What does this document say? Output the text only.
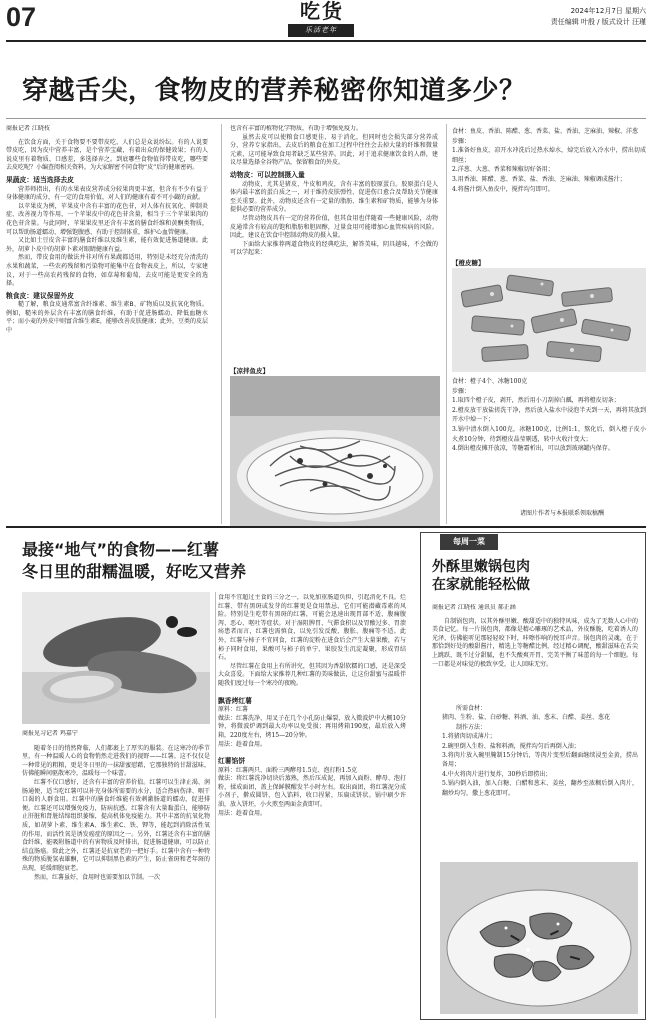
07	吃货
乐活老年
2024年12月7日 星期六
责任编辑 叶殷 / 版式设计 汪瑾
穿越舌尖，食物皮的营养秘密你知道多少？

商报记者 江晓枝

在饮食方面，关于食物要不要带皮吃，人们总是众说纷纭。有的人说要带皮吃，因为皮中营养丰富，是个营养宝藏，有着出众的保健效果；有的人说皮里有着物质、口感差，多选择弃之。到底哪些食物值得带皮吃，哪些要去皮吃呢？小编查阅相关资料，为大家解密不同食物“皮”后的健康密码。

果蔬皮：适当选择去皮

营养师指出，有的水果表皮营养成分较果肉更丰富，但含有不少有益于身体健康的成分，有一定的食用价值，对人们的健康有着不可小觑的贡献。

以苹果皮为例，苹果皮中含有丰富的花色苷，对人体有抗氧化、抑制炎症、改善视力等作用，一个苹果皮中的花色苷含量，相当于三个苹果果肉的花色苷含量。与此同时，苹果果皮里还含有丰富的膳食纤维和黄酮类物质，可以帮助肠道蠕动、增强饱腹感、有助于控制体重，维护心血管健康。

又比如土豆皮含丰富的膳食纤维以及维生素，能有效促进肠道健康。此外，胡萝卜皮中的胡萝卜素对眼睛健康有益。

然而，带皮食用的做法并非对所有果蔬都适用，特别是未经充分清洗的水果和蔬菜，一些农药残留和污染物可能集中在食物表皮上，所以，专家建议，对于一些高农药残留的食物，如草莓和葡萄，去皮可能是更安全的选择。

粮食皮：建议保留外皮

糙了解，粮食皮通常富含纤维素、维生素B、矿物质以及抗氧化物质。例如，糙米的外层含有丰富的膳食纤维，有助于促进肠蠕动、降低血糖水平；而小麦的外皮中则富含维生素E，能够改善皮肤健康；此外，豆类的皮层中

也含有丰富的植物化学物质，有助于增强免疫力。

虽然去皮可以使粮食口感更佳、易于消化，但同时也会损失部分营养成分，营养专家指出，去皮后的粮食在加工过程中往往会去掉大量的纤维和微量元素，这可能导致食用者缺乏某些营养。因此，对于追求健康饮食的人群，建议尽量选择全谷物产品，保留粮食的外皮。

动物皮：可以控制摄入量

动物皮，尤其是猪皮、牛皮和鸡皮，含有丰富的胶原蛋白。胶原蛋白是人体内最丰富的蛋白质之一，对于维持皮肤弹性、促进伤口愈合及帮助关节健康至关重要。此外，动物皮还含有一定量的脂肪、维生素和矿物质，能够为身体提供必要的营养成分。

尽管动物皮具有一定的营养价值，但其食用也伴随着一些健康风险，动物皮通常含有较高的饱和脂肪和胆固醇，过量食用可能增加心血管疾病的风险。因此，建议在饮食中控制动物皮的摄入量。

下面给大家推荐两道食物皮的经典吃法，解答美味，阴具越味，不会做的可以学起来：

【凉拌鱼皮】

食材：鱼皮、香油、陈醋、葱、香菜、盐、香油、芝麻油、辣椒、洋葱

步骤：

1.准备好鱼皮，凉开水冲洗后过热水焯水，焯完后放入冷水中，捞出切成细丝；

2.洋葱、大葱、香菜和辣椒切好备用；

3.用香油、陈醋、葱、香菜、盐、香油、芝麻油、辣椒调成酱汁；

4.将酱汁倒入鱼皮中，搅拌均匀即可。

【橙皮糖】

食材：橙子4个、冰糖100克

步骤：

1.取四个橙子皮，剥开，然后用小刀刮掉白瓤，再将橙皮切条；

2.橙皮放干放盐搓洗干净，然后放入盐水中浸泡半天到一天，再将其放到开水中焯一下；

3.锅中清水倒入100克，冰糖100克，比例1:1，熬化后，倒入橙子皮小火煮10分钟，待到橙皮晶莹剔透，转中火收汁变大；

4.倒出橙皮摊开放凉，等糖霜析出，可以放到玻璃罐内保存。

诸图片作者与本报联系领取稿酬
最接“地气”的食物——红薯
冬日里的甜糯温暖，好吃又营养

商报见习记者 鸡嘉宁

随着冬日的悄然降临，人们都裹上了厚实的服装。在这寒冷的季节里，有一种温暖人心的食物悄然走进我们的视野——红薯。这不仅仅是一种常见的粗粮，更是冬日里的一抹甜蜜慰藉，它那独特的甘甜滋味，仿佛能瞬间驱散寒冷，温暖每一个味蕾。

红薯不仅口感好，还含有丰富的营养价值。红薯可以生津止渴、润肠通便，适当吃红薯可以补充身体所需要的水分，适合热病伤津、咽干口渴的人群食用。红薯中的膳食纤维能有效刺激肠道的蠕动，促进排便。红薯还可以增强免疫力，防病抗感。红薯含有大量黏蛋白，能够防止肝脏和肾脏结缔组织萎缩，提高机体免疫能力。其中丰富的抗氧化物质，如胡萝卜素、维生素A、维生素C、铁、钾等，能起到消除活性氧的作用，而活性氧是诱发癌症的原因之一。另外，红薯还含有丰富的膳食纤维，能吸附肠道中的有害物质及时排出，促进肠道健康，可以防止结直肠癌。除此之外，红薯还是抗衰老的一把好手。红薯中含有一种特殊的物质脱氢表雄酮，它可以抑制黑色素的产生，防止雀斑和老年斑的出现，延缓细胞衰老。

然而，红薯虽好，食用时也需要加以节制。一次

食用不宜超过主食的三分之一，以免加重肠道负担，引起消化不良。烂红薯、带有黑斑或发芽的红薯更是食用禁忌，它们可能潜藏毒素的风险。特别是生吃带有黑斑的红薯，可能会迅速出现胃部不适、腹痛腹泻、恶心、呕吐等症状。对于湿阻脾胃、气滞食积以及胃酸过多、胃溃疡患者而言，红薯也需慎食，以免引发反酸、腹胀、腹痛等不适。此外，红薯与柿子不宜同食，红薯的淀粉在进食后会产生大量果酸，若与柿子同时食用，果酸可与柿子的单宁、果胶发生沉淀凝聚，形成胃结石。

尽管红薯在食用上有所讲究，但其因为香甜软糯的口感，还是深受大众喜爱。下面给大家推荐几种红薯的美味做法，让这份甜蜜与温暖伴随我们度过每一个寒冷的夜晚。

飘香烤红薯

原料：红薯

做法：红薯洗净，用叉子在几个小孔防止爆裂，放入微波炉中大概10分钟，将微波炉调到最大功率以免受损；再用烤箱190度，最后放入烤箱，220度左右，烤15—20分钟。

用法：趁着食用。

红薯馅饼

原料：红薯两只、面粉三两酵母1.5克、泡打粉1.5克

做法：将红薯洗净切块后蒸熟，然后压成泥，再加入面粉、酵母、泡打粉，揉成面团，盖上保鲜膜醒发半小时左右。取出面团，将红薯泥分成小剂子，擀成圆饼，包入馅料，收口捏紧，压扁成饼状。锅中刷少许油，放入饼坯，小火煎至两面金黄即可。

用法：趁着食用。

每周一菜
外酥里嫩锅包肉
在家就能轻松做

商报记者 江晓枝 通讯员 郝正涵

自制锅包肉，以其外酥里嫩、酸甜适中的独特风味，成为了无数人心中的美食记忆。每一片锅包肉，都像是精心雕琢的艺术品，外皮酥脆，吃着诱人的光泽，仿佛能听见那轻轻咬下时，咔嚓作响的悦耳声音。锅包肉的灵魂，在于那恰到好处的酸甜酱汁，精选上等糖醋比例，经过精心调配，酸甜滋味在舌尖上跳跃，既不过分甜腻，也不失酸爽开胃，完美平衡了味蕾的每一个细胞。每一口都是对味觉的极致享受，让人回味无穷。

所需食材：

猪肉、生粉、盐、白砂糖、料酒、油、葱末、白醋、姜丝、葱花

制作方法：

1.将猪肉切成薄片；

2.碗里倒入生粉、盐和料酒，搅拌均匀后再倒入油；

3.将肉片放入碗里腌制15分钟后，等肉片变型后翻面继续浸至金黄，捞出备用；

4.中火将肉片进行复炸，30秒后即捞出；

5.锅内倒入油，加入白糖、白醋和葱末、姜丝，翻炒至浓稠后倒入肉片，翻炒均匀，撒上葱花即可。
